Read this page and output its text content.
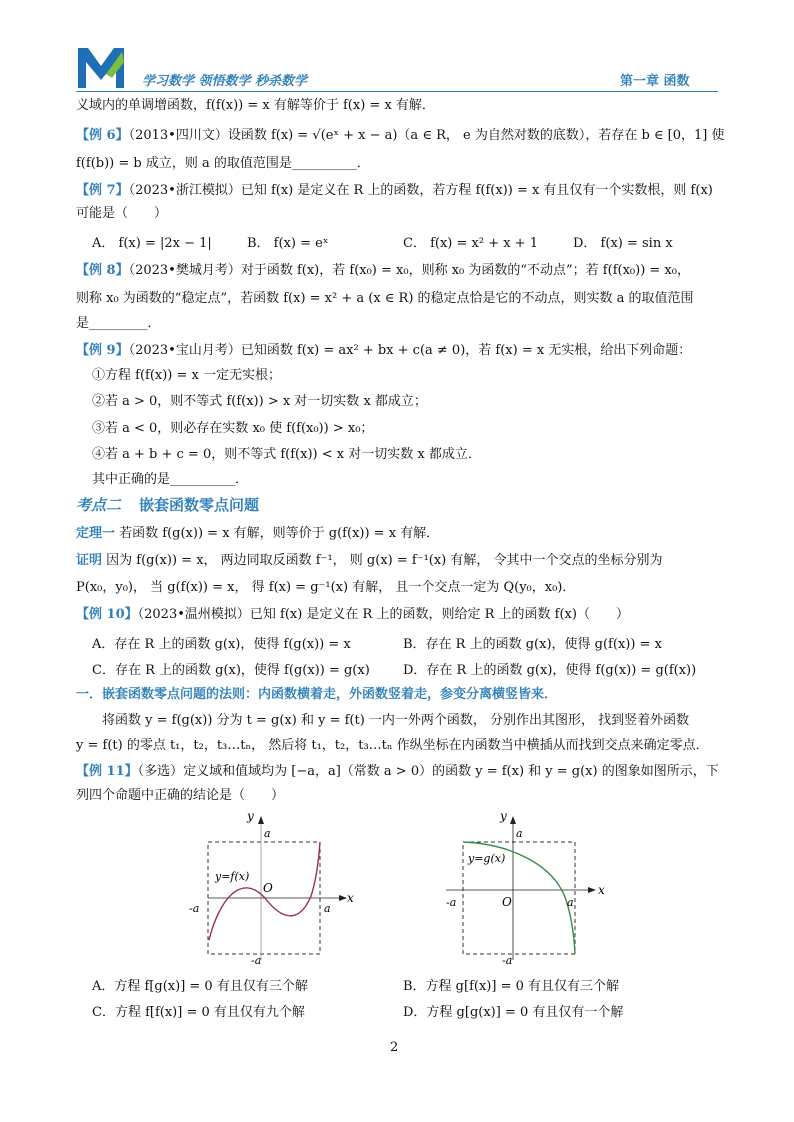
学习数学 领悟数学 秒杀数学	第一章 函数
义域内的单调增函数，f(f(x)) = x 有解等价于 f(x) = x 有解．
【例 6】（2013•四川文）设函数 f(x) = √(eˣ + x − a)（a ∈ R， e 为自然对数的底数），若存在 b ∈ [0，1] 使
f(f(b)) = b 成立，则 a 的取值范围是__________．
【例 7】（2023•浙江模拟）已知 f(x) 是定义在 R 上的函数，若方程 f(f(x)) = x 有且仅有一个实数根，则 f(x)
可能是（　　）
A． f(x) = |2x − 1|	B． f(x) = eˣ	C． f(x) = x² + x + 1	D． f(x) = sin x
【例 8】（2023•樊城月考）对于函数 f(x)，若 f(x₀) = x₀，则称 x₀ 为函数的“不动点”；若 f(f(x₀)) = x₀，
则称 x₀ 为函数的“稳定点”，若函数 f(x) = x² + a (x ∈ R) 的稳定点恰是它的不动点，则实数 a 的取值范围
是_________．
【例 9】（2023•宝山月考）已知函数 f(x) = ax² + bx + c(a ≠ 0)，若 f(x) = x 无实根，给出下列命题：
①方程 f(f(x)) = x 一定无实根；
②若 a > 0，则不等式 f(f(x)) > x 对一切实数 x 都成立；
③若 a < 0，则必存在实数 x₀ 使 f(f(x₀)) > x₀；
④若 a + b + c = 0，则不等式 f(f(x)) < x 对一切实数 x 都成立．
其中正确的是__________．
考点二 嵌套函数零点问题
定理一 若函数 f(g(x)) = x 有解，则等价于 g(f(x)) = x 有解．
证明 因为 f(g(x)) = x， 两边同取反函数 f⁻¹， 则 g(x) = f⁻¹(x) 有解， 令其中一个交点的坐标分别为
P(x₀，y₀)， 当 g(f(x)) = x， 得 f(x) = g⁻¹(x) 有解， 且一个交点一定为 Q(y₀，x₀)．
【例 10】（2023•温州模拟）已知 f(x) 是定义在 R 上的函数，则给定 R 上的函数 f(x)（　　）
A．存在 R 上的函数 g(x)，使得 f(g(x)) = x	B．存在 R 上的函数 g(x)，使得 g(f(x)) = x
C．存在 R 上的函数 g(x)，使得 f(g(x)) = g(x)	D．存在 R 上的函数 g(x)，使得 f(g(x)) = g(f(x))
一．嵌套函数零点问题的法则：内函数横着走，外函数竖着走，参变分离横竖皆来．
将函数 y = f(g(x)) 分为 t = g(x) 和 y = f(t) 一内一外两个函数， 分别作出其图形， 找到竖着外函数
y = f(t) 的零点 t₁，t₂，t₃…tₙ， 然后将 t₁，t₂，t₃…tₙ 作纵坐标在内函数当中横插从而找到交点来确定零点．
【例 11】（多选）定义域和值域均为 [−a，a]（常数 a > 0）的函数 y = f(x) 和 y = g(x) 的图象如图所示，下
列四个命题中正确的结论是（　　）
y
a
x
a
-a
-a
O
y=f(x)
y
a
x
a
-a
-a
O
y=g(x)
A．方程 f[g(x)] = 0 有且仅有三个解	B．方程 g[f(x)] = 0 有且仅有三个解
C．方程 f[f(x)] = 0 有且仅有九个解	D．方程 g[g(x)] = 0 有且仅有一个解
2
